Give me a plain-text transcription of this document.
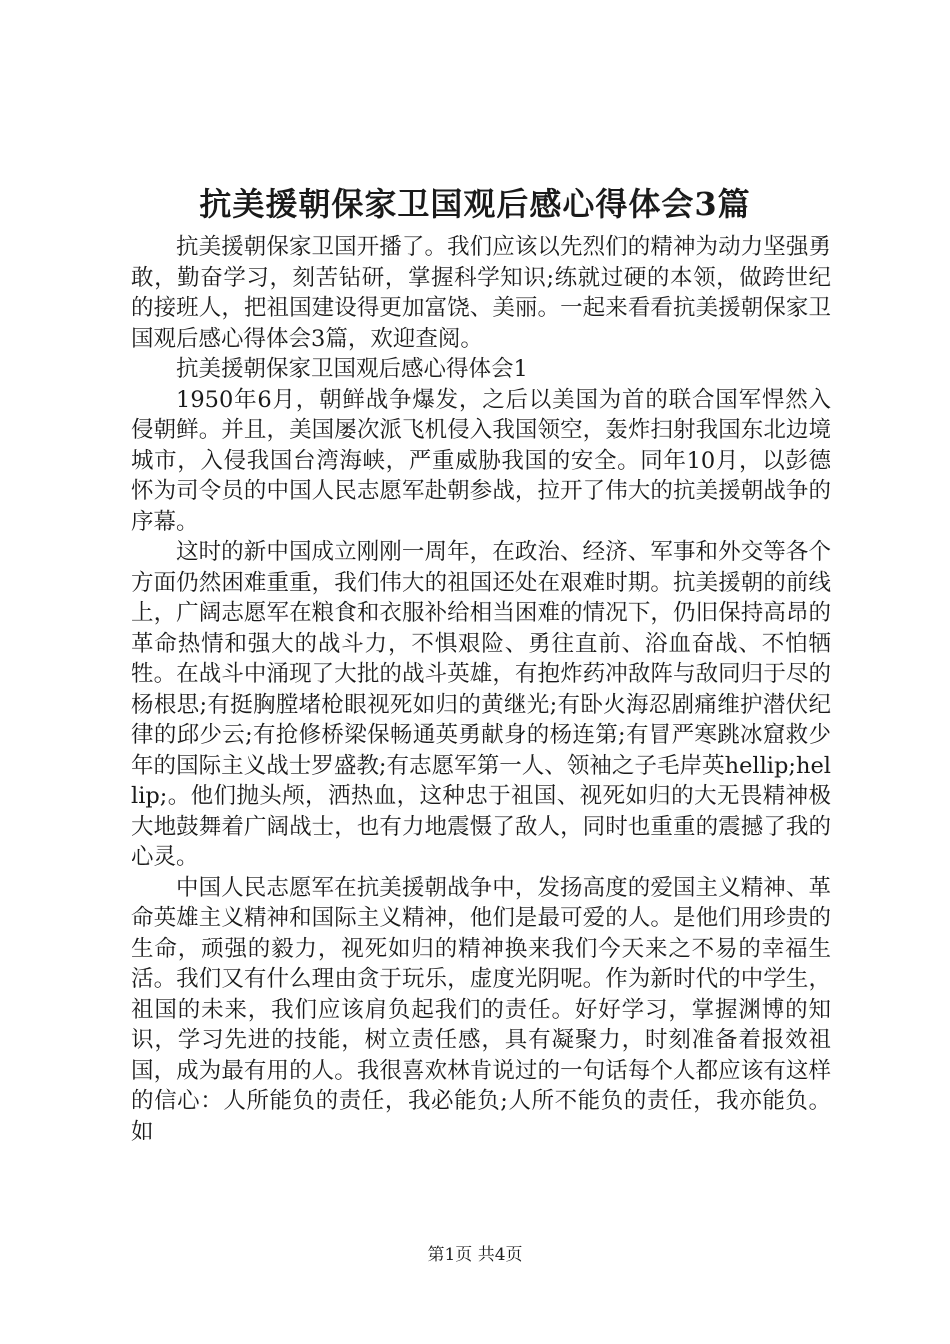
抗美援朝保家卫国观后感心得体会3篇

抗美援朝保家卫国开播了。我们应该以先烈们的精神为动力坚强勇敢，勤奋学习，刻苦钻研，掌握科学知识;练就过硬的本领，做跨世纪的接班人，把祖国建设得更加富饶、美丽。一起来看看抗美援朝保家卫国观后感心得体会3篇，欢迎查阅。

抗美援朝保家卫国观后感心得体会1

1950年6月，朝鲜战争爆发，之后以美国为首的联合国军悍然入侵朝鲜。并且，美国屡次派飞机侵入我国领空，轰炸扫射我国东北边境城市，入侵我国台湾海峡，严重威胁我国的安全。同年10月，以彭德怀为司令员的中国人民志愿军赴朝参战，拉开了伟大的抗美援朝战争的序幕。

这时的新中国成立刚刚一周年，在政治、经济、军事和外交等各个方面仍然困难重重，我们伟大的祖国还处在艰难时期。抗美援朝的前线上，广阔志愿军在粮食和衣服补给相当困难的情况下，仍旧保持高昂的革命热情和强大的战斗力，不惧艰险、勇往直前、浴血奋战、不怕牺牲。在战斗中涌现了大批的战斗英雄，有抱炸药冲敌阵与敌同归于尽的杨根思;有挺胸膛堵枪眼视死如归的黄继光;有卧火海忍剧痛维护潜伏纪律的邱少云;有抢修桥梁保畅通英勇献身的杨连第;有冒严寒跳冰窟救少年的国际主义战士罗盛教;有志愿军第一人、领袖之子毛岸英hellip;hellip;。他们抛头颅，洒热血，这种忠于祖国、视死如归的大无畏精神极大地鼓舞着广阔战士，也有力地震慑了敌人，同时也重重的震撼了我的心灵。

中国人民志愿军在抗美援朝战争中，发扬高度的爱国主义精神、革命英雄主义精神和国际主义精神，他们是最可爱的人。是他们用珍贵的生命，顽强的毅力，视死如归的精神换来我们今天来之不易的幸福生活。我们又有什么理由贪于玩乐，虚度光阴呢。作为新时代的中学生，祖国的未来，我们应该肩负起我们的责任。好好学习，掌握渊博的知识，学习先进的技能，树立责任感，具有凝聚力，时刻准备着报效祖国，成为最有用的人。我很喜欢林肯说过的一句话每个人都应该有这样的信心：人所能负的责任，我必能负;人所不能负的责任，我亦能负。如

第1页 共4页
